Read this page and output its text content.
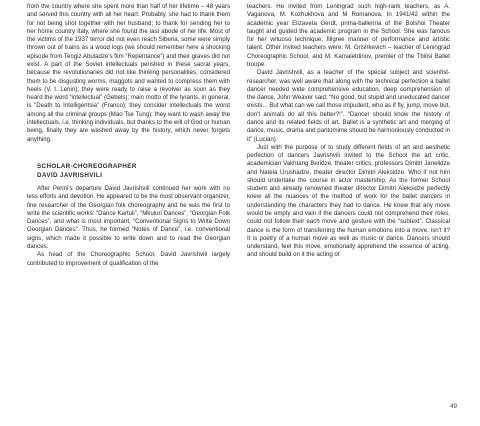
from the country where she spent more than half of her lifetime – 48 years and served this country with all her heart. Probably, she had to thank them for not being shot together with her husband; to thank for sending her to her home country Italy, where she found the last abode of her life. Most of the victims of the 1937 terror did not even reach Siberia, some were simply thrown out of trains as a wood logs (we should remember here a shocking episode from Tengiz Abuladze's film “Repentance”) and their graves did not exist. A part of the Soviet intellectuals perished in these sacral years, because the revolutionaries did not like thinking personalities, considered them to be disgusting worms, maggots and wanted to compress them with heels (V. I. Lenin); they were ready to raise a revolver as soon as they heard the word “intellectual” (Gebels); main motto of the tyrants, in general, is “Death to Intelligentsia” (Franco); they consider intellectuals the worst among all the criminal groups (Mao Tse Tung); they want to wash away the intellectuals, i.e. thinking individuals, but thanks to the will of God or human being, finally they are washed away by the history, which never forgets anything.

SCHOLAR-CHOREOGRAPHER
DAVID JAVRISHVILI

After Perini's departure David Javrishvili continued her work with no less efforts and devotion. He appeared to be the most observant organizer, fine researcher of the Georgian folk choreography and he was the first to write the scientific works: “Dance Kartuli”, “Mkuluri Dances”, “Georgian Folk Dances”, and what is most important, “Conventional Signs to Write Down Georgian Dances”. Thus, he formed “Notes of Dance”, i.e. conventional signs, which made it possible to write down and to read the Georgian dances.

As head of the Choreographic School, David Javrishvili largely contributed to improvement of qualification of the

teachers. He invited from Leningrad such high-rank teachers, as A. Vaganova, M. Kozhukhova and M Romanova. In 1941/42 within the academic year Elizaveta Gerdt, prima-ballerina of the Bolshoi Theater taught and guided the academic program in the School. She was famous for her virtuoso technique, filigree manner of performance and artistic talent. Other invited teachers were: M. Grishkevich – teacher of Leningrad Choreographic School, and M. Kamaletdinov, premier of the Tbilisi Ballet troupe.

David Javrishvili, as a teacher of the special subject and scientist-researcher, was well aware that along with the technical perfection a ballet dancer needed wide comprehensive education, deep comprehension of the dance. John Weaver said: “No good, but stupid and uneducated dancer exists... But what can we call those impudent, who as if fly, jump, move but, don't animals do all this better?!”. “Dancer should know the history of dance and its related fields of art. Ballet is a synthetic art and merging of dance, music, drama and pantomime should be harmoniously conducted in it” (Lucian).

Just with the purpose of to study different fields of art and aesthetic perfection of dancers Javrishvili invited to the School the art critic, academician Vakhtang Beridze, theater critics, professors Dimitri Janelidze and Natela Urushadze, theater director Dimitri Aleksidze. Who if not him should undertake the course in actor mastership. As the former School student and already renowned theater director Dimitri Aleksidze perfectly knew all the nuances of the method of work for the ballet dancers in understanding the characters they had to dance. He knew that any move would be empty and vain if the dancers could not comprehend their roles, could not follow their each move and gesture with the “subtext”. Classical dance is the form of transferring the human emotions into a move, isn't it? It is poetry of a human move as well as music or dance. Dancers should understand, feel this move, emotionally apprehend the essence of acting, and should build on it the acting of

49
